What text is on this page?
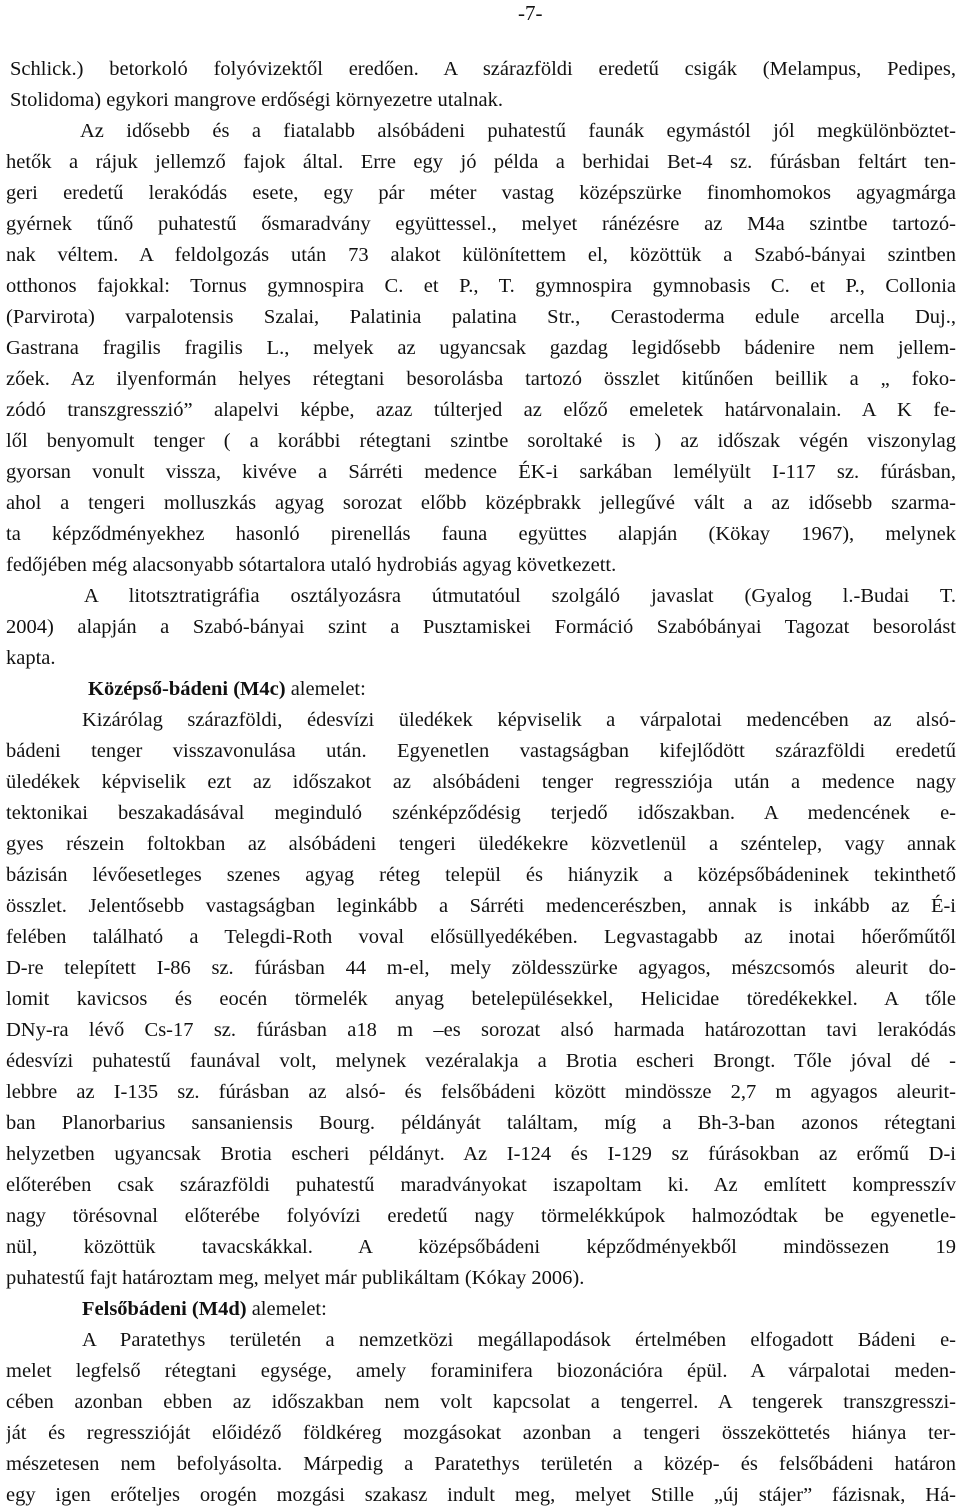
-7-
Schlick.) betorkoló folyóvizektől eredően. A szárazföldi eredetű csigák (Melampus, Pedipes,
Stolidoma) egykori mangrove erdőségi környezetre utalnak.
Az idősebb és a fiatalabb alsóbádeni puhatestű faunák egymástól jól megkülönböztet-
hetők a rájuk jellemző fajok által. Erre egy jó példa a berhidai Bet-4 sz. fúrásban feltárt ten-
geri eredetű lerakódás esete, egy pár méter vastag középszürke finomhomokos agyagmárga
gyérnek tűnő puhatestű ősmaradvány együttessel., melyet ránézésre az M4a szintbe tartozó-
nak véltem. A feldolgozás után 73 alakot különítettem el, közöttük a Szabó-bányai szintben
otthonos fajokkal: Tornus gymnospira C. et P., T. gymnospira gymnobasis C. et P., Collonia
(Parvirota) varpalotensis Szalai, Palatinia palatina Str., Cerastoderma edule arcella Duj.,
Gastrana fragilis fragilis L., melyek az ugyancsak gazdag legidősebb bádenire nem jellem-
zőek. Az ilyenformán helyes rétegtani besorolásba tartozó összlet kitűnően beillik a „ foko-
zódó transzgresszió” alapelvi képbe, azaz túlterjed az előző emeletek határvonalain. A K fe-
lől benyomult tenger ( a korábbi rétegtani szintbe soroltaké is ) az időszak végén viszonylag
gyorsan vonult vissza, kivéve a Sárréti medence ÉK-i sarkában lemélyült I-117 sz. fúrásban,
ahol a tengeri molluszkás agyag sorozat előbb középbrakk jellegűvé vált a az idősebb szarma-
ta képződményekhez hasonló pirenellás fauna együttes alapján (Kökay 1967), melynek
fedőjében még alacsonyabb sótartalora utaló hydrobiás agyag következett.
A litotsztratigráfia osztályozásra útmutatóul szolgáló javaslat (Gyalog l.-Budai T.
2004) alapján a Szabó-bányai szint a Pusztamiskei Formáció Szabóbányai Tagozat besorolást
kapta.
Középső-bádeni (M4c) alemelet:
Kizárólag szárazföldi, édesvízi üledékek képviselik a várpalotai medencében az alsó-
bádeni tenger visszavonulása után. Egyenetlen vastagságban kifejlődött szárazföldi eredetű
üledékek képviselik ezt az időszakot az alsóbádeni tenger regressziója után a medence nagy
tektonikai beszakadásával meginduló szénképződésig terjedő időszakban. A medencének e-
gyes részein foltokban az alsóbádeni tengeri üledékekre közvetlenül a széntelep, vagy annak
bázisán lévőesetleges szenes agyag réteg települ és hiányzik a középsőbádeninek tekinthető
összlet. Jelentősebb vastagságban leginkább a Sárréti medencerészben, annak is inkább az É-i
felében található a Telegdi-Roth voval elősüllyedékében. Legvastagabb az inotai hőerőműtől
D-re telepített I-86 sz. fúrásban 44 m-el, mely zöldesszürke agyagos, mészcsomós aleurit do-
lomit kavicsos és eocén törmelék anyag betelepülésekkel, Helicidae töredékekkel. A tőle
DNy-ra lévő Cs-17 sz. fúrásban a18 m –es sorozat alsó harmada határozottan tavi lerakódás
édesvízi puhatestű faunával volt, melynek vezéralakja a Brotia escheri Brongt. Tőle jóval dé -
lebbre az I-135 sz. fúrásban az alsó- és felsőbádeni között mindössze 2,7 m agyagos aleurit-
ban Planorbarius sansaniensis Bourg. példányát találtam, míg a Bh-3-ban azonos rétegtani
helyzetben ugyancsak Brotia escheri példányt. Az I-124 és I-129 sz fúrásokban az erőmű D-i
előterében csak szárazföldi puhatestű maradványokat iszapoltam ki. Az említett kompresszív
nagy törésovnal előterébe folyóvízi eredetű nagy törmelékkúpok halmozódtak be egyenetle-
nül, közöttük tavacskákkal. A középsőbádeni képződményekből mindössezen 19
puhatestű fajt határoztam meg, melyet már publikáltam (Kókay 2006).
Felsőbádeni (M4d) alemelet:
A Paratethys területén a nemzetközi megállapodások értelmében elfogadott Bádeni e-
melet legfelső rétegtani egysége, amely foraminifera biozonációra épül. A várpalotai meden-
cében azonban ebben az időszakban nem volt kapcsolat a tengerrel. A tengerek transzgresszi-
ját és regresszióját előidéző földkéreg mozgásokat azonban a tengeri összeköttetés hiánya ter-
mészetesen nem befolyásolta. Márpedig a Paratethys területén a közép- és felsőbádeni határon
egy igen erőteljes orogén mozgási szakasz indult meg, melyet Stille „új stájer” fázisnak, Há-
